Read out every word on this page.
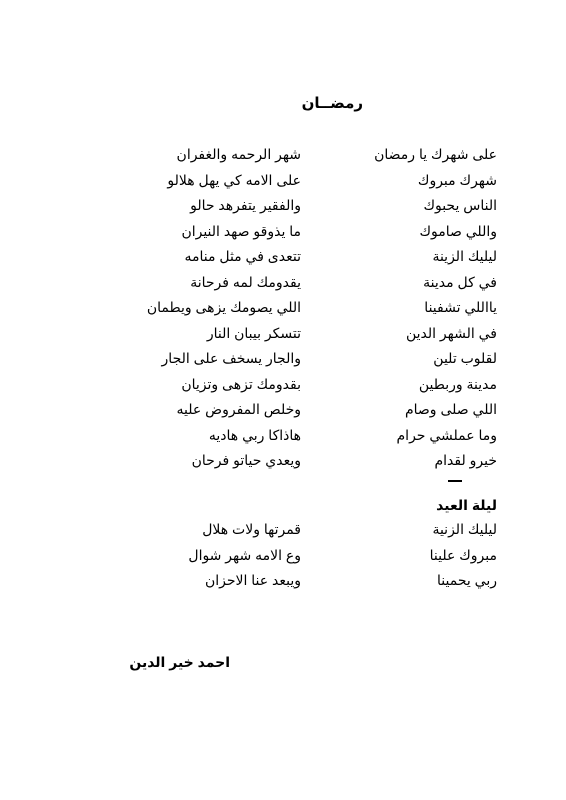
رمضــان
على شهرك يا رمضان
شهر الرحمه والغفران
شهرك مبروك
على الامه كي يهل هلالو
الناس يحبوك
والفقير يتفرهد حالو
واللي صاموك
ما يذوقو صهد النيران
ليليك الزينة
تتعدى في مثل منامه
في كل مدينة
يقدومك لمه فرحانة
يااللي تشفينا
اللي يصومك يزهى ويطمان
في الشهر الدين
تتسكر بيبان النار
لقلوب تلين
والجار يسخف على الجار
مدينة وربطين
بقدومك تزهى وتزيان
اللي صلى وصام
وخلص المفروض عليه
وما عملشي حرام
هاذاكا ربي هاديه
خيرو لقدام
ويعدي حياتو فرحان
ليلة العيد
ليليك الزنية
قمرتها ولات هلال
مبروك علينا
وع الامه شهر شوال
ربي يحمينا
ويبعد عنا الاحزان
احمد خير الدين
